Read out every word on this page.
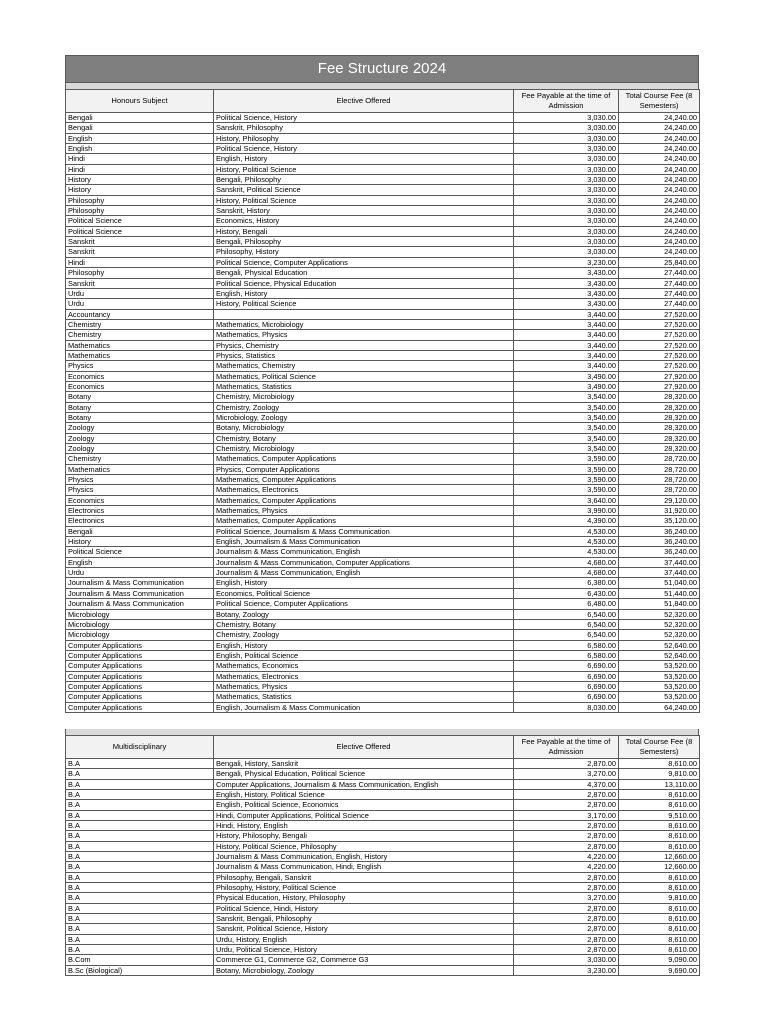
Fee Structure 2024
Honours Subject	Elective Offered	Fee Payable at the time of Admission	Total Course Fee (8 Semesters)
Bengali	Political Science, History	3,030.00	24,240.00
Bengali	Sanskrit, Philosophy	3,030.00	24,240.00
English	History, Philosophy	3,030.00	24,240.00
English	Political Science, History	3,030.00	24,240.00
Hindi	English, History	3,030.00	24,240.00
Hindi	History, Political Science	3,030.00	24,240.00
History	Bengali, Philosophy	3,030.00	24,240.00
History	Sanskrit, Political Science	3,030.00	24,240.00
Philosophy	History, Political Science	3,030.00	24,240.00
Philosophy	Sanskrit, History	3,030.00	24,240.00
Political Science	Economics, History	3,030.00	24,240.00
Political Science	History, Bengali	3,030.00	24,240.00
Sanskrit	Bengali, Philosophy	3,030.00	24,240.00
Sanskrit	Philosophy, History	3,030.00	24,240.00
Hindi	Political Science, Computer Applications	3,230.00	25,840.00
Philosophy	Bengali, Physical Education	3,430.00	27,440.00
Sanskrit	Political Science, Physical Education	3,430.00	27,440.00
Urdu	English, History	3,430.00	27,440.00
Urdu	History, Political Science	3,430.00	27,440.00
Accountancy		3,440.00	27,520.00
Chemistry	Mathematics, Microbiology	3,440.00	27,520.00
Chemistry	Mathematics, Physics	3,440.00	27,520.00
Mathematics	Physics, Chemistry	3,440.00	27,520.00
Mathematics	Physics, Statistics	3,440.00	27,520.00
Physics	Mathematics, Chemistry	3,440.00	27,520.00
Economics	Mathematics, Political Science	3,490.00	27,920.00
Economics	Mathematics, Statistics	3,490.00	27,920.00
Botany	Chemistry, Microbiology	3,540.00	28,320.00
Botany	Chemistry, Zoology	3,540.00	28,320.00
Botany	Microbiology, Zoology	3,540.00	28,320.00
Zoology	Botany, Microbiology	3,540.00	28,320.00
Zoology	Chemistry, Botany	3,540.00	28,320.00
Zoology	Chemistry, Microbiology	3,540.00	28,320.00
Chemistry	Mathematics, Computer Applications	3,590.00	28,720.00
Mathematics	Physics, Computer Applications	3,590.00	28,720.00
Physics	Mathematics, Computer Applications	3,590.00	28,720.00
Physics	Mathematics, Electronics	3,590.00	28,720.00
Economics	Mathematics, Computer Applications	3,640.00	29,120.00
Electronics	Mathematics, Physics	3,990.00	31,920.00
Electronics	Mathematics, Computer Applications	4,390.00	35,120.00
Bengali	Political Science, Journalism & Mass Communication	4,530.00	36,240.00
History	English, Journalism & Mass Communication	4,530.00	36,240.00
Political Science	Journalism & Mass Communication, English	4,530.00	36,240.00
English	Journalism & Mass Communication, Computer Applications	4,680.00	37,440.00
Urdu	Journalism & Mass Communication, English	4,680.00	37,440.00
Journalism & Mass Communication	English, History	6,380.00	51,040.00
Journalism & Mass Communication	Economics, Political Science	6,430.00	51,440.00
Journalism & Mass Communication	Political Science, Computer Applications	6,480.00	51,840.00
Microbiology	Botany, Zoology	6,540.00	52,320.00
Microbiology	Chemistry, Botany	6,540.00	52,320.00
Microbiology	Chemistry, Zoology	6,540.00	52,320.00
Computer Applications	English, History	6,580.00	52,640.00
Computer Applications	English, Political Science	6,580.00	52,640.00
Computer Applications	Mathematics, Economics	6,690.00	53,520.00
Computer Applications	Mathematics, Electronics	6,690.00	53,520.00
Computer Applications	Mathematics, Physics	6,690.00	53,520.00
Computer Applications	Mathematics, Statistics	6,690.00	53,520.00
Computer Applications	English, Journalism & Mass Communication	8,030.00	64,240.00
Multidisciplinary	Elective Offered	Fee Payable at the time of Admission	Total Course Fee (8 Semesters)
B.A	Bengali, History, Sanskrit	2,870.00	8,610.00
B.A	Bengali, Physical Education, Political Science	3,270.00	9,810.00
B.A	Computer Applications, Journalism & Mass Communication, English	4,370.00	13,110.00
B.A	English, History, Political Science	2,870.00	8,610.00
B.A	English, Political Science, Economics	2,870.00	8,610.00
B.A	Hindi, Computer Applications, Political Science	3,170.00	9,510.00
B.A	Hindi, History, English	2,870.00	8,610.00
B.A	History, Philosophy, Bengali	2,870.00	8,610.00
B.A	History, Political Science, Philosophy	2,870.00	8,610.00
B.A	Journalism & Mass Communication, English, History	4,220.00	12,660.00
B.A	Journalism & Mass Communication, Hindi, English	4,220.00	12,660.00
B.A	Philosophy, Bengali, Sanskrit	2,870.00	8,610.00
B.A	Philosophy, History, Political Science	2,870.00	8,610.00
B.A	Physical Education, History, Philosophy	3,270.00	9,810.00
B.A	Political Science, Hindi, History	2,870.00	8,610.00
B.A	Sanskrit, Bengali, Philosophy	2,870.00	8,610.00
B.A	Sanskrit, Political Science, History	2,870.00	8,610.00
B.A	Urdu, History, English	2,870.00	8,610.00
B.A	Urdu, Political Science, History	2,870.00	8,610.00
B.Com	Commerce G1, Commerce G2, Commerce G3	3,030.00	9,090.00
B.Sc (Biological)	Botany, Microbiology, Zoology	3,230.00	9,690.00
